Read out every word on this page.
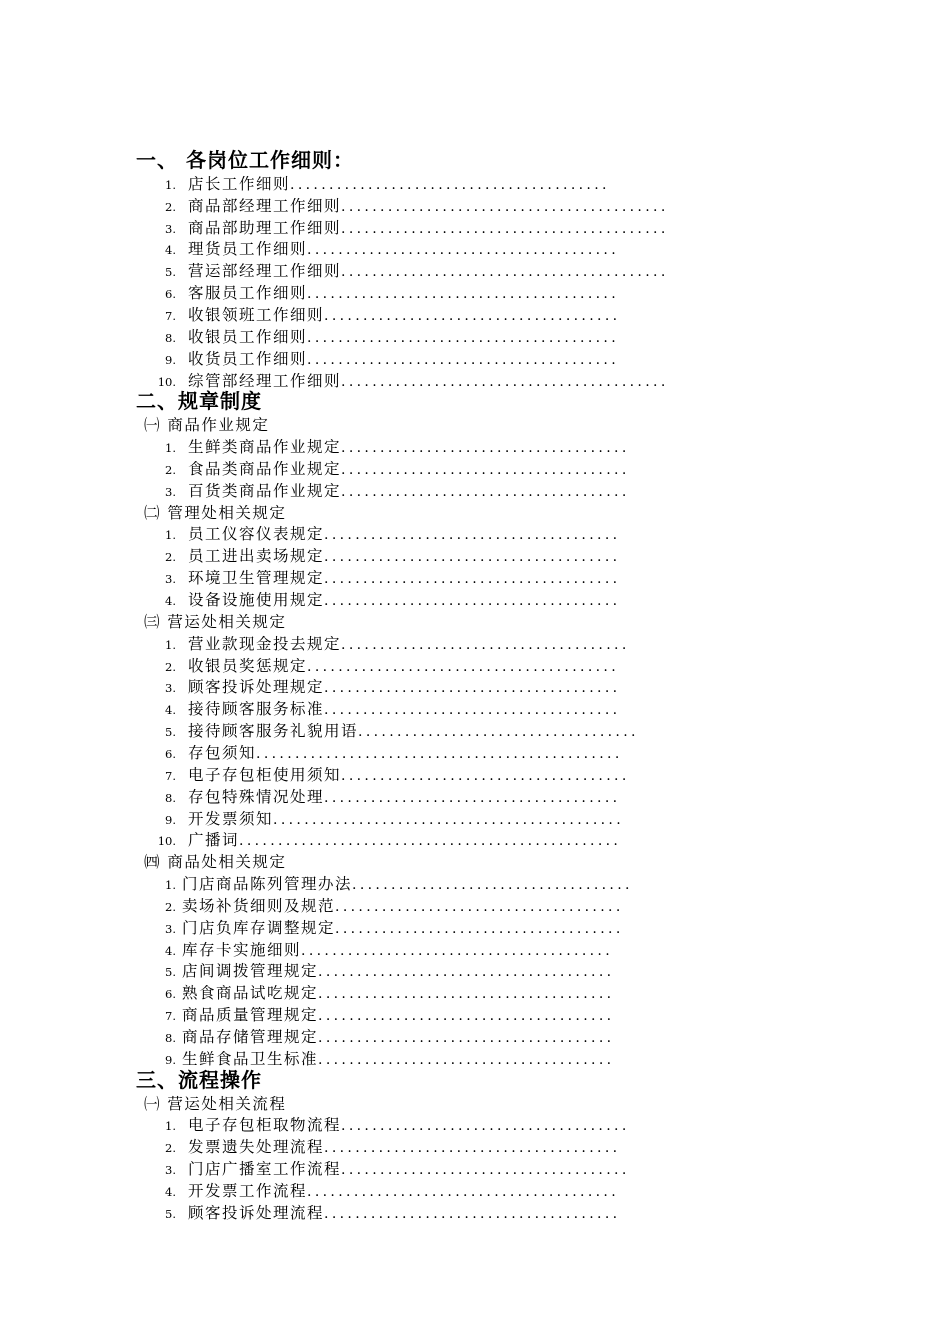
一、 各岗位工作细则：
1. 店长工作细则.........................................
2. 商品部经理工作细则..........................................
3. 商品部助理工作细则..........................................
4. 理货员工作细则........................................
5. 营运部经理工作细则..........................................
6. 客服员工作细则........................................
7. 收银领班工作细则......................................
8. 收银员工作细则........................................
9. 收货员工作细则........................................
10. 综管部经理工作细则..........................................
二、规章制度
㈠ 商品作业规定
1. 生鲜类商品作业规定.....................................
2. 食品类商品作业规定.....................................
3. 百货类商品作业规定.....................................
㈡ 管理处相关规定
1. 员工仪容仪表规定......................................
2. 员工进出卖场规定......................................
3. 环境卫生管理规定......................................
4. 设备设施使用规定......................................
㈢ 营运处相关规定
1. 营业款现金投去规定.....................................
2. 收银员奖惩规定........................................
3. 顾客投诉处理规定......................................
4. 接待顾客服务标准......................................
5. 接待顾客服务礼貌用语....................................
6. 存包须知...............................................
7. 电子存包柜使用须知.....................................
8. 存包特殊情况处理......................................
9. 开发票须知.............................................
10. 广播词.................................................
㈣ 商品处相关规定
1. 门店商品陈列管理办法....................................
2. 卖场补货细则及规范.....................................
3. 门店负库存调整规定.....................................
4. 库存卡实施细则........................................
5. 店间调拨管理规定......................................
6. 熟食商品试吃规定......................................
7. 商品质量管理规定......................................
8. 商品存储管理规定......................................
9. 生鲜食品卫生标准......................................
三、流程操作
㈠ 营运处相关流程
1. 电子存包柜取物流程.....................................
2. 发票遗失处理流程......................................
3. 门店广播室工作流程.....................................
4. 开发票工作流程........................................
5. 顾客投诉处理流程......................................
